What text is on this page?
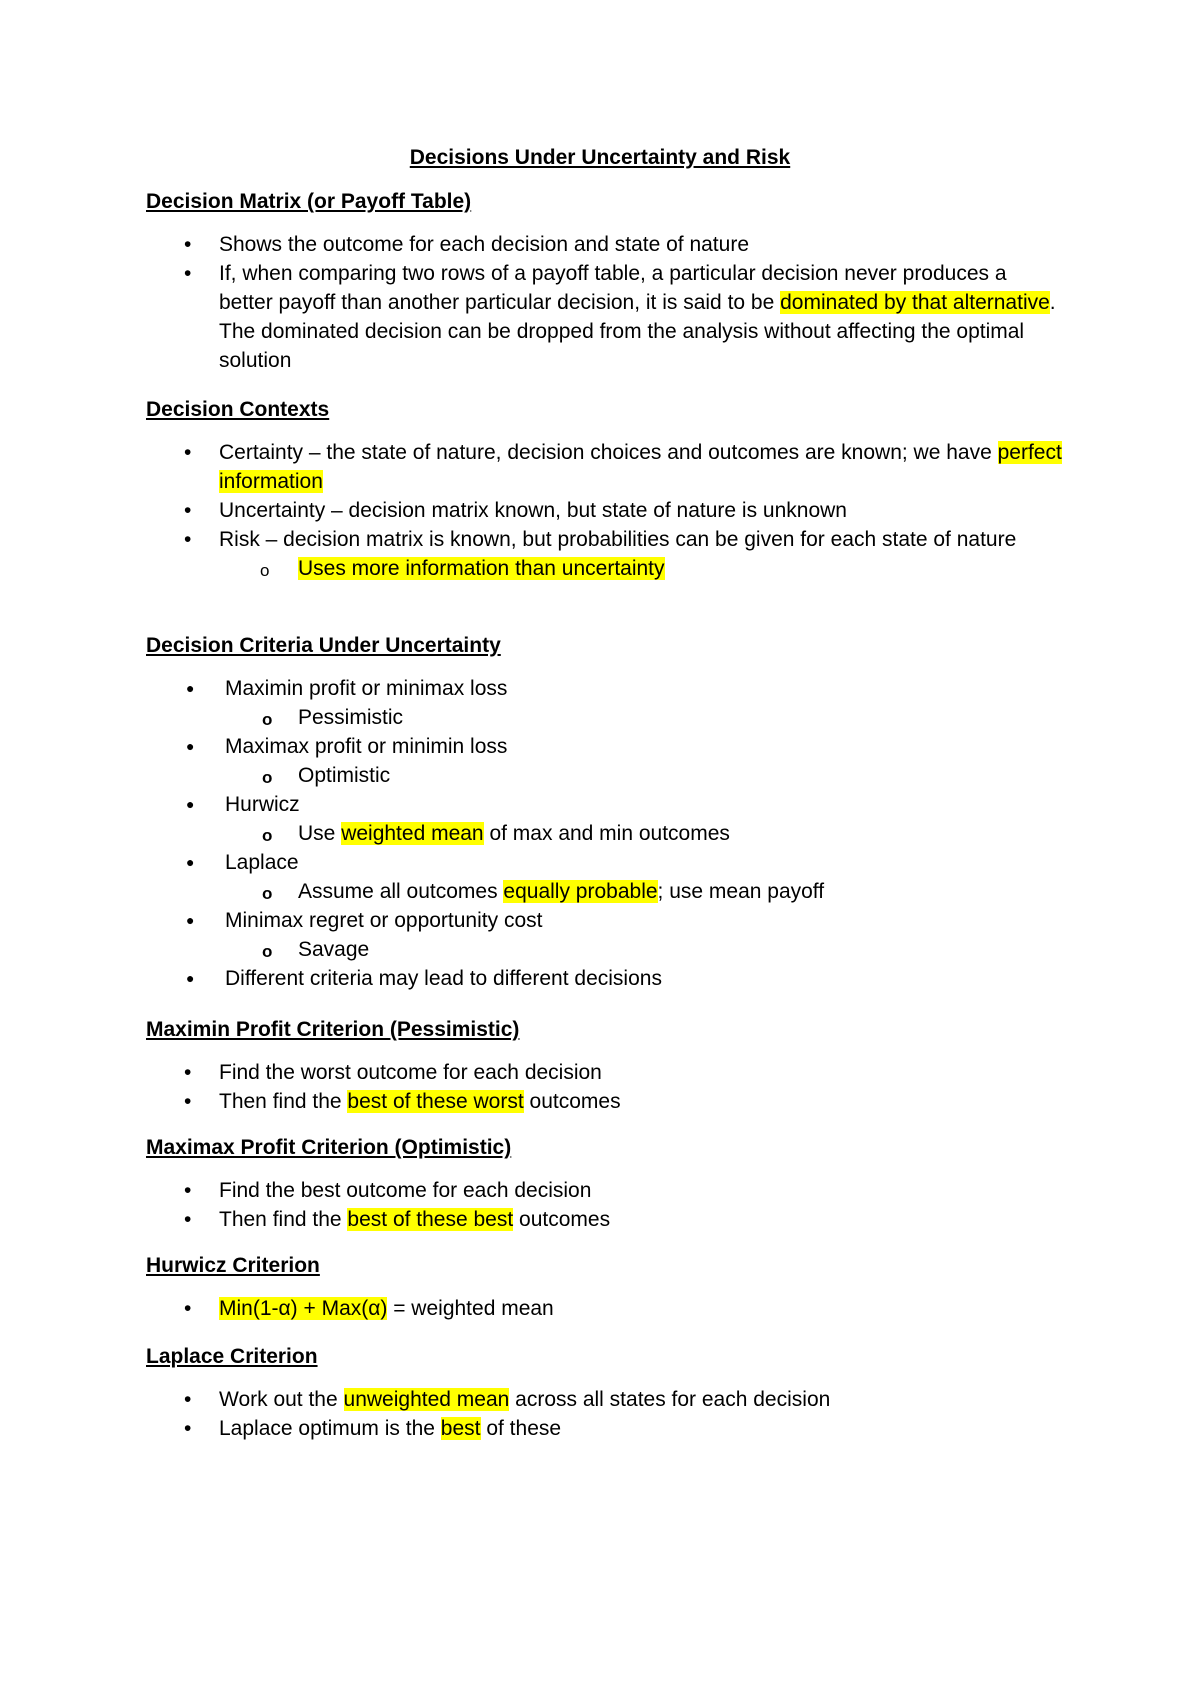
Decisions Under Uncertainty and Risk
Decision Matrix (or Payoff Table)
• Shows the outcome for each decision and state of nature
• If, when comparing two rows of a payoff table, a particular decision never produces a better payoff than another particular decision, it is said to be dominated by that alternative. The dominated decision can be dropped from the analysis without affecting the optimal solution
Decision Contexts
• Certainty – the state of nature, decision choices and outcomes are known; we have perfect information
• Uncertainty – decision matrix known, but state of nature is unknown
• Risk – decision matrix is known, but probabilities can be given for each state of nature
o Uses more information than uncertainty
Decision Criteria Under Uncertainty
● Maximin profit or minimax loss
o Pessimistic
● Maximax profit or minimin loss
o Optimistic
● Hurwicz
o Use weighted mean of max and min outcomes
● Laplace
o Assume all outcomes equally probable; use mean payoff
● Minimax regret or opportunity cost
o Savage
● Different criteria may lead to different decisions
Maximin Profit Criterion (Pessimistic)
• Find the worst outcome for each decision
• Then find the best of these worst outcomes
Maximax Profit Criterion (Optimistic)
• Find the best outcome for each decision
• Then find the best of these best outcomes
Hurwicz Criterion
• Min(1-α) + Max(α) = weighted mean
Laplace Criterion
• Work out the unweighted mean across all states for each decision
• Laplace optimum is the best of these
